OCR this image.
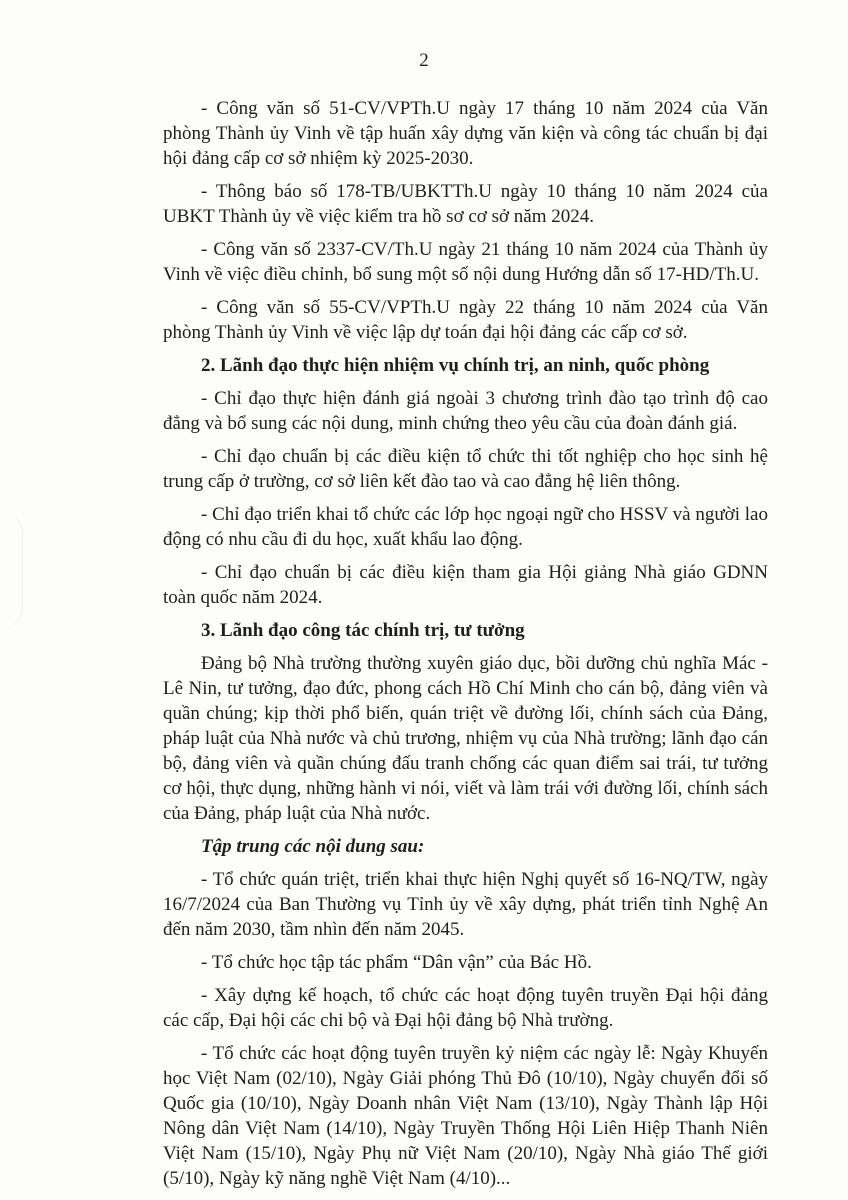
2

- Công văn số 51-CV/VPTh.U ngày 17 tháng 10 năm 2024 của Văn phòng Thành ủy Vinh về tập huấn xây dựng văn kiện và công tác chuẩn bị đại hội đảng cấp cơ sở nhiệm kỳ 2025-2030.

- Thông báo số 178-TB/UBKTTh.U ngày 10 tháng 10 năm 2024 của UBKT Thành ủy về việc kiểm tra hồ sơ cơ sở năm 2024.

- Công văn số 2337-CV/Th.U ngày 21 tháng 10 năm 2024 của Thành ủy Vinh về việc điều chỉnh, bổ sung một số nội dung Hướng dẫn số 17-HD/Th.U.

- Công văn số 55-CV/VPTh.U ngày 22 tháng 10 năm 2024 của Văn phòng Thành ủy Vinh về việc lập dự toán đại hội đảng các cấp cơ sở.

2. Lãnh đạo thực hiện nhiệm vụ chính trị, an ninh, quốc phòng

- Chỉ đạo thực hiện đánh giá ngoài 3 chương trình đào tạo trình độ cao đẳng và bổ sung các nội dung, minh chứng theo yêu cầu của đoàn đánh giá.

- Chỉ đạo chuẩn bị các điều kiện tổ chức thi tốt nghiệp cho học sinh hệ trung cấp ở trường, cơ sở liên kết đào tao và cao đẳng hệ liên thông.

- Chỉ đạo triển khai tổ chức các lớp học ngoại ngữ cho HSSV và người lao động có nhu cầu đi du học, xuất khẩu lao động.

- Chỉ đạo chuẩn bị các điều kiện tham gia Hội giảng Nhà giáo GDNN toàn quốc năm 2024.

3. Lãnh đạo công tác chính trị, tư tưởng

Đảng bộ Nhà trường thường xuyên giáo dục, bồi dưỡng chủ nghĩa Mác - Lê Nin, tư tưởng, đạo đức, phong cách Hồ Chí Minh cho cán bộ, đảng viên và quần chúng; kịp thời phổ biến, quán triệt về đường lối, chính sách của Đảng, pháp luật của Nhà nước và chủ trương, nhiệm vụ của Nhà trường; lãnh đạo cán bộ, đảng viên và quần chúng đấu tranh chống các quan điểm sai trái, tư tưởng cơ hội, thực dụng, những hành vi nói, viết và làm trái với đường lối, chính sách của Đảng, pháp luật của Nhà nước.

Tập trung các nội dung sau:

- Tổ chức quán triệt, triển khai thực hiện Nghị quyết số 16-NQ/TW, ngày 16/7/2024 của Ban Thường vụ Tỉnh ủy về xây dựng, phát triển tỉnh Nghệ An đến năm 2030, tầm nhìn đến năm 2045.

- Tổ chức học tập tác phẩm “Dân vận” của Bác Hồ.

- Xây dựng kế hoạch, tổ chức các hoạt động tuyên truyền Đại hội đảng các cấp, Đại hội các chi bộ và Đại hội đảng bộ Nhà trường.

- Tổ chức các hoạt động tuyên truyền kỷ niệm các ngày lễ: Ngày Khuyến học Việt Nam (02/10), Ngày Giải phóng Thủ Đô (10/10), Ngày chuyển đổi số Quốc gia (10/10), Ngày Doanh nhân Việt Nam (13/10), Ngày Thành lập Hội Nông dân Việt Nam (14/10), Ngày Truyền Thống Hội Liên Hiệp Thanh Niên Việt Nam (15/10), Ngày Phụ nữ Việt Nam (20/10), Ngày Nhà giáo Thế giới (5/10), Ngày kỹ năng nghề Việt Nam (4/10)...
